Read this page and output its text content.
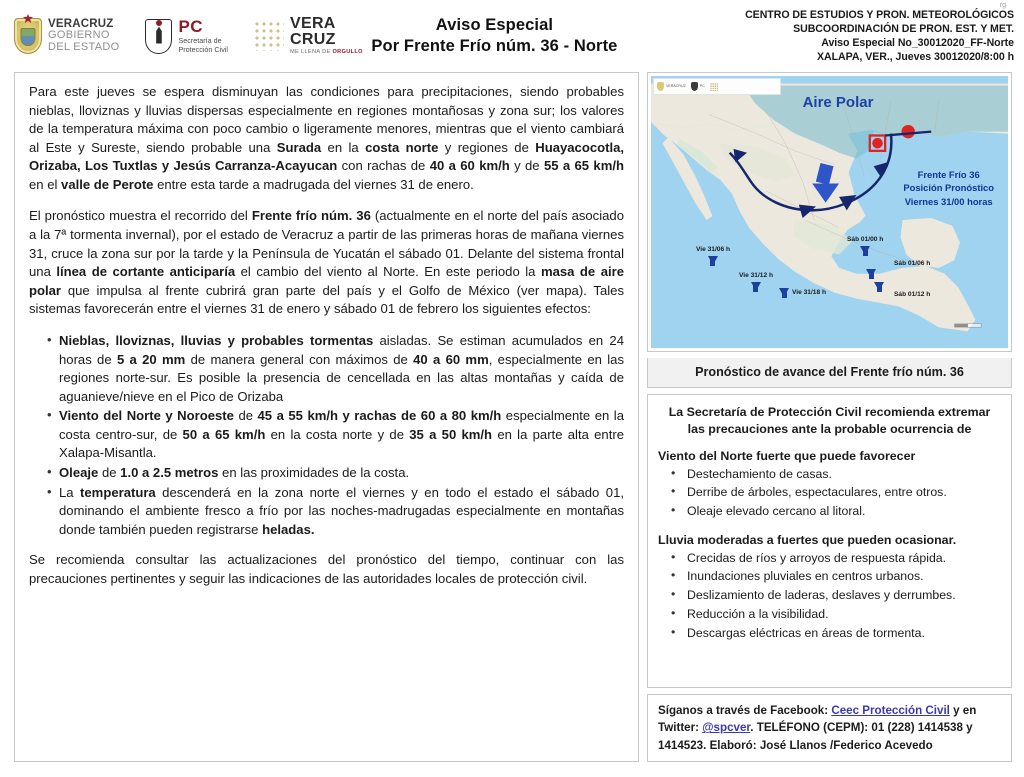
rg
VERACRUZ
GOBIERNO
DEL ESTADO
PC
Secretaría de
Protección Civil
VERA
CRUZ
ME LLENA DE ORGULLO
Aviso Especial
Por Frente Frío núm. 36 - Norte
CENTRO DE ESTUDIOS Y PRON. METEOROLÓGICOS
SUBCOORDINACIÓN DE PRON. EST. Y MET.
Aviso Especial No_30012020_FF-Norte
XALAPA, VER., Jueves 30012020/8:00 h

Para este jueves se espera disminuyan las condiciones para precipitaciones, siendo probables nieblas, lloviznas y lluvias dispersas especialmente en regiones montañosas y zona sur; los valores de la temperatura máxima con poco cambio o ligeramente menores, mientras que el viento cambiará al Este y Sureste, siendo probable una Surada en la costa norte y regiones de Huayacocotla, Orizaba, Los Tuxtlas y Jesús Carranza-Acayucan con rachas de 40 a 60 km/h y de 55 a 65 km/h en el valle de Perote entre esta tarde a madrugada del viernes 31 de enero.

El pronóstico muestra el recorrido del Frente frío núm. 36 (actualmente en el norte del país asociado a la 7ª tormenta invernal), por el estado de Veracruz a partir de las primeras horas de mañana viernes 31, cruce la zona sur por la tarde y la Península de Yucatán el sábado 01. Delante del sistema frontal una línea de cortante anticiparía el cambio del viento al Norte. En este periodo la masa de aire polar que impulsa al frente cubrirá gran parte del país y el Golfo de México (ver mapa). Tales sistemas favorecerán entre el viernes 31 de enero y sábado 01 de febrero los siguientes efectos:

• Nieblas, lloviznas, lluvias y probables tormentas aisladas. Se estiman acumulados en 24 horas de 5 a 20 mm de manera general con máximos de 40 a 60 mm, especialmente en las regiones norte-sur. Es posible la presencia de cencellada en las altas montañas y caída de aguanieve/nieve en el Pico de Orizaba
• Viento del Norte y Noroeste de 45 a 55 km/h y rachas de 60 a 80 km/h especialmente en la costa centro-sur, de 50 a 65 km/h en la costa norte y de 35 a 50 km/h en la parte alta entre Xalapa-Misantla.
• Oleaje de 1.0 a 2.5 metros en las proximidades de la costa.
• La temperatura descenderá en la zona norte el viernes y en todo el estado el sábado 01, dominando el ambiente fresco a frío por las noches-madrugadas especialmente en montañas donde también pueden registrarse heladas.

Se recomienda consultar las actualizaciones del pronóstico del tiempo, continuar con las precauciones pertinentes y seguir las indicaciones de las autoridades locales de protección civil.

VERACRUZ	PC
Aire Polar
Frente Frío 36
Posición Pronóstico
Viernes 31/00 horas
Vie 31/06 h
Vie 31/12 h
Vie 31/18 h
Sáb 01/00 h
Sáb 01/06 h
Sáb 01/12 h
Pronóstico de avance del Frente frío núm. 36
La Secretaría de Protección Civil recomienda extremar las precauciones ante la probable ocurrencia de
Viento del Norte fuerte que puede favorecer
• Destechamiento de casas.
• Derribe de árboles, espectaculares, entre otros.
• Oleaje elevado cercano al litoral.
Lluvia moderadas a fuertes que pueden ocasionar.
• Crecidas de ríos y arroyos de respuesta rápida.
• Inundaciones pluviales en centros urbanos.
• Deslizamiento de laderas, deslaves y derrumbes.
• Reducción a la visibilidad.
• Descargas eléctricas en áreas de tormenta.
Síganos a través de Facebook: Ceec Protección Civil y en Twitter: @spcver. TELÉFONO (CEPM): 01 (228) 1414538 y 1414523. Elaboró: José Llanos /Federico Acevedo
